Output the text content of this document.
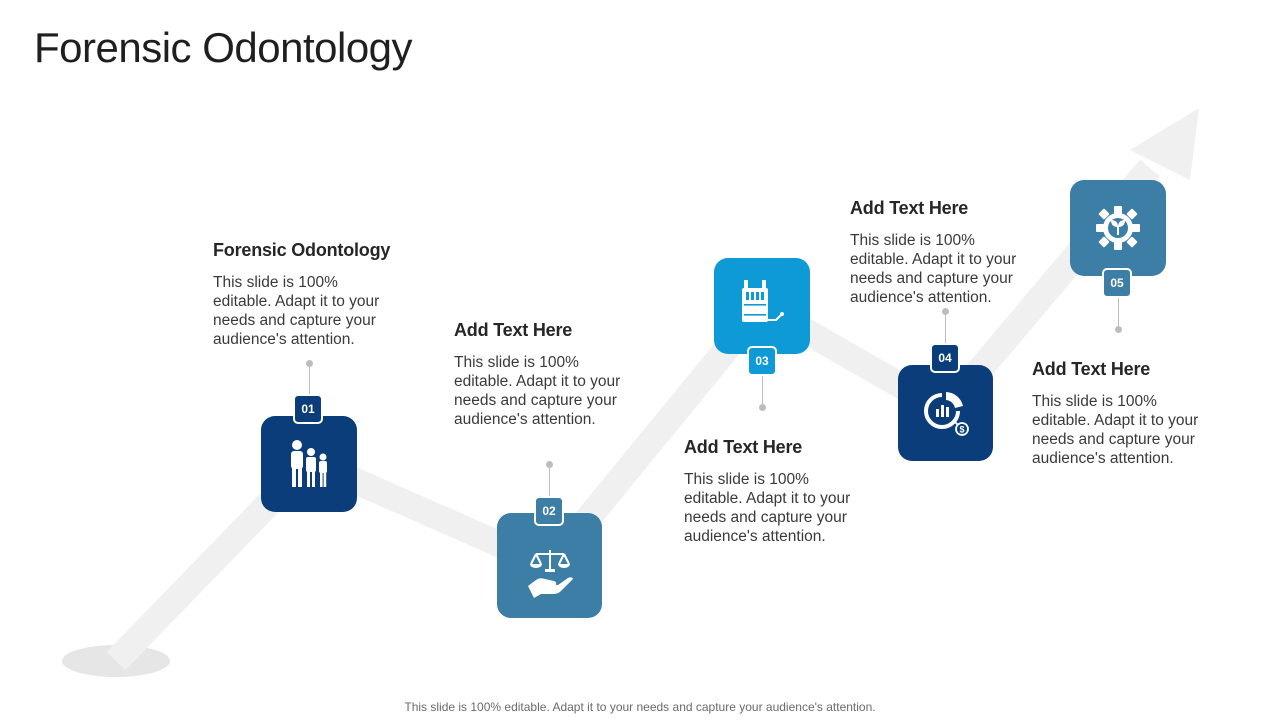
Forensic Odontology
01

Forensic Odontology

This slide is 100% editable. Adapt it to your needs and capture your audience's attention.

02

Add Text Here

This slide is 100% editable. Adapt it to your needs and capture your audience's attention.

03

Add Text Here

This slide is 100% editable. Adapt it to your needs and capture your audience's attention.

$
04

Add Text Here

This slide is 100% editable. Adapt it to your needs and capture your audience's attention.

05

Add Text Here

This slide is 100% editable. Adapt it to your needs and capture your audience's attention.

This slide is 100% editable. Adapt it to your needs and capture your audience's attention.
